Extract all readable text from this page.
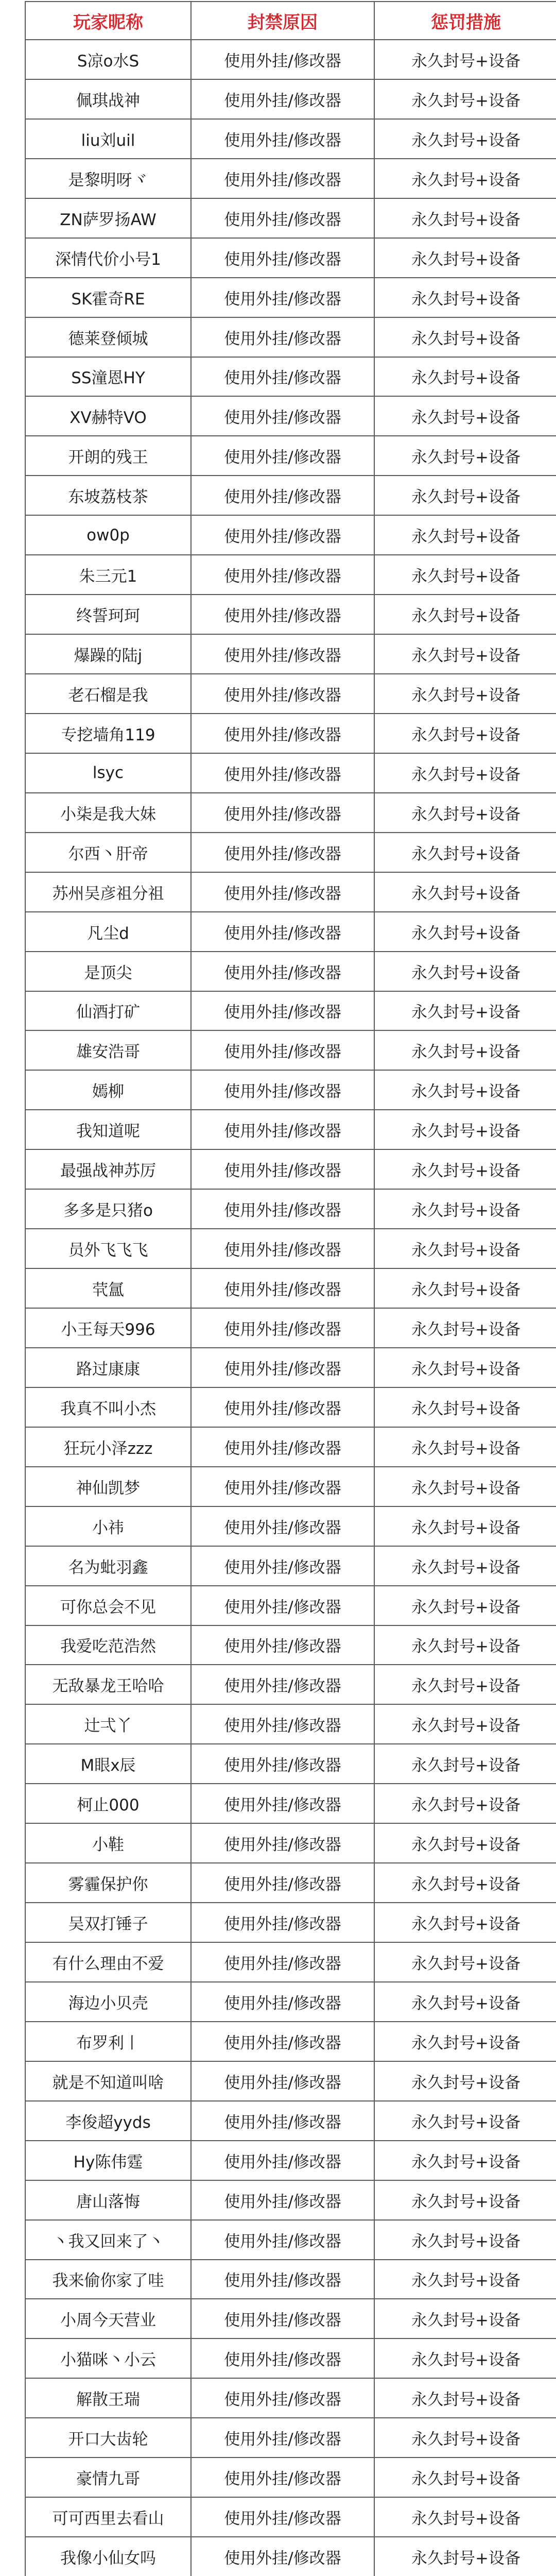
玩家昵称	封禁原因	惩罚措施
S凉o水S	使用外挂/修改器	永久封号+设备
佩琪战神	使用外挂/修改器	永久封号+设备
liu刘uil	使用外挂/修改器	永久封号+设备
是黎明呀ヾ	使用外挂/修改器	永久封号+设备
ZN萨罗扬AW	使用外挂/修改器	永久封号+设备
深情代价小号1	使用外挂/修改器	永久封号+设备
SK霍奇RE	使用外挂/修改器	永久封号+设备
德莱登倾城	使用外挂/修改器	永久封号+设备
SS潼恩HY	使用外挂/修改器	永久封号+设备
XV赫特VO	使用外挂/修改器	永久封号+设备
开朗的残王	使用外挂/修改器	永久封号+设备
东坡荔枝茶	使用外挂/修改器	永久封号+设备
ow0p	使用外挂/修改器	永久封号+设备
朱三元1	使用外挂/修改器	永久封号+设备
终誓珂珂	使用外挂/修改器	永久封号+设备
爆躁的陆j	使用外挂/修改器	永久封号+设备
老石榴是我	使用外挂/修改器	永久封号+设备
专挖墙角119	使用外挂/修改器	永久封号+设备
lsyc	使用外挂/修改器	永久封号+设备
小柒是我大妹	使用外挂/修改器	永久封号+设备
尔西丶肝帝	使用外挂/修改器	永久封号+设备
苏州吴彦祖分祖	使用外挂/修改器	永久封号+设备
凡尘d	使用外挂/修改器	永久封号+设备
是顶尖	使用外挂/修改器	永久封号+设备
仙酒打矿	使用外挂/修改器	永久封号+设备
雄安浩哥	使用外挂/修改器	永久封号+设备
嫣柳	使用外挂/修改器	永久封号+设备
我知道呢	使用外挂/修改器	永久封号+设备
最强战神苏厉	使用外挂/修改器	永久封号+设备
多多是只猪o	使用外挂/修改器	永久封号+设备
员外飞飞飞	使用外挂/修改器	永久封号+设备
茕氲	使用外挂/修改器	永久封号+设备
小王每天996	使用外挂/修改器	永久封号+设备
路过康康	使用外挂/修改器	永久封号+设备
我真不叫小杰	使用外挂/修改器	永久封号+设备
狂玩小泽zzz	使用外挂/修改器	永久封号+设备
神仙凯梦	使用外挂/修改器	永久封号+设备
小祎	使用外挂/修改器	永久封号+设备
名为蚍羽鑫	使用外挂/修改器	永久封号+设备
可你总会不见	使用外挂/修改器	永久封号+设备
我爱吃范浩然	使用外挂/修改器	永久封号+设备
无敌暴龙王哈哈	使用外挂/修改器	永久封号+设备
辻弌丫	使用外挂/修改器	永久封号+设备
M眼x辰	使用外挂/修改器	永久封号+设备
柯止000	使用外挂/修改器	永久封号+设备
小鞋	使用外挂/修改器	永久封号+设备
雾霾保护你	使用外挂/修改器	永久封号+设备
吴双打锤子	使用外挂/修改器	永久封号+设备
有什么理由不爱	使用外挂/修改器	永久封号+设备
海边小贝壳	使用外挂/修改器	永久封号+设备
布罗利丨	使用外挂/修改器	永久封号+设备
就是不知道叫啥	使用外挂/修改器	永久封号+设备
李俊超yyds	使用外挂/修改器	永久封号+设备
Hy陈伟霆	使用外挂/修改器	永久封号+设备
唐山落悔	使用外挂/修改器	永久封号+设备
丶我又回来了丶	使用外挂/修改器	永久封号+设备
我来偷你家了哇	使用外挂/修改器	永久封号+设备
小周今天营业	使用外挂/修改器	永久封号+设备
小猫咪丶小云	使用外挂/修改器	永久封号+设备
解散王瑞	使用外挂/修改器	永久封号+设备
开口大齿轮	使用外挂/修改器	永久封号+设备
豪情九哥	使用外挂/修改器	永久封号+设备
可可西里去看山	使用外挂/修改器	永久封号+设备
我像小仙女吗	使用外挂/修改器	永久封号+设备
